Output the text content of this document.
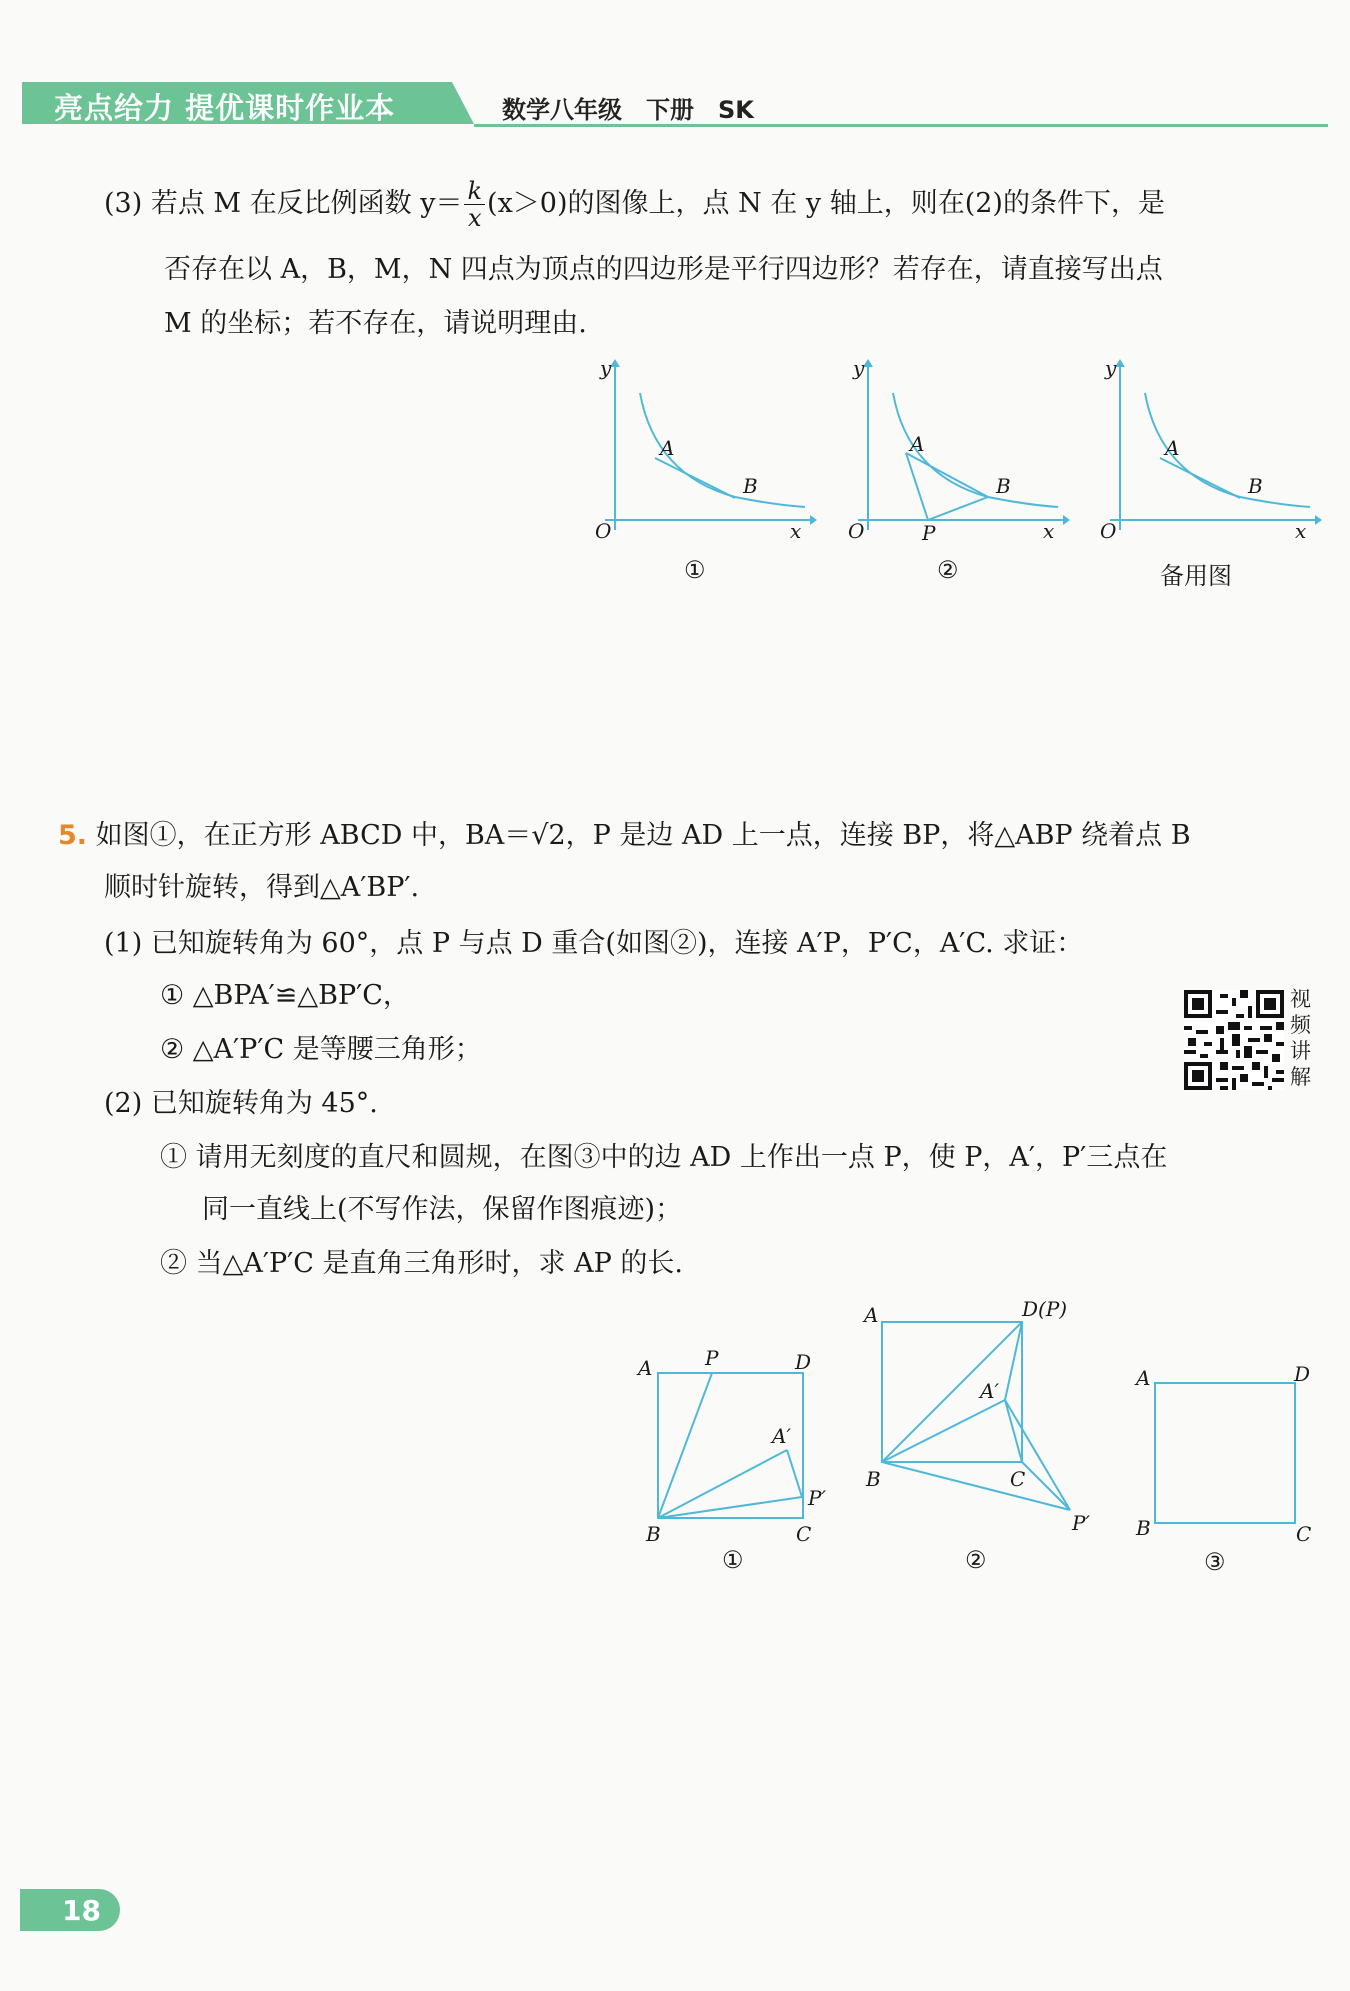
亮点给力 提优课时作业本	数学八年级　下册　SK
(3) 若点 M 在反比例函数 $y= \frac{k}{x} (x>0)$的图像上，点 N 在 y 轴上，则在(2)的条件下，是
否存在以 A，B，M，N 四点为顶点的四边形是平行四边形？若存在，请直接写出点
M 的坐标；若不存在，请说明理由.
y
O	x
A
B
①
y
O	x
A
B
P
②
y
O	x
A
B
备用图
5. 如图①，在正方形 ABCD 中，BA＝√2，P 是边 AD 上一点，连接 BP，将△ABP 绕着点 B
顺时针旋转，得到△A′BP′.
(1) 已知旋转角为 60°，点 P 与点 D 重合(如图②)，连接 A′P，P′C，A′C. 求证：
① △BPA′≌△BP′C，
② △A′P′C 是等腰三角形；
(2) 已知旋转角为 45°.
① 请用无刻度的直尺和圆规，在图③中的边 AD 上作出一点 P，使 P，A′，P′三点在
同一直线上(不写作法，保留作图痕迹)；
② 当△A′P′C 是直角三角形时，求 AP 的长.
视频讲解
A	P	D
A′
P′
B	C
①
A	D(P)
A′
B	C
P′
②
A	D
B	C
③
18
